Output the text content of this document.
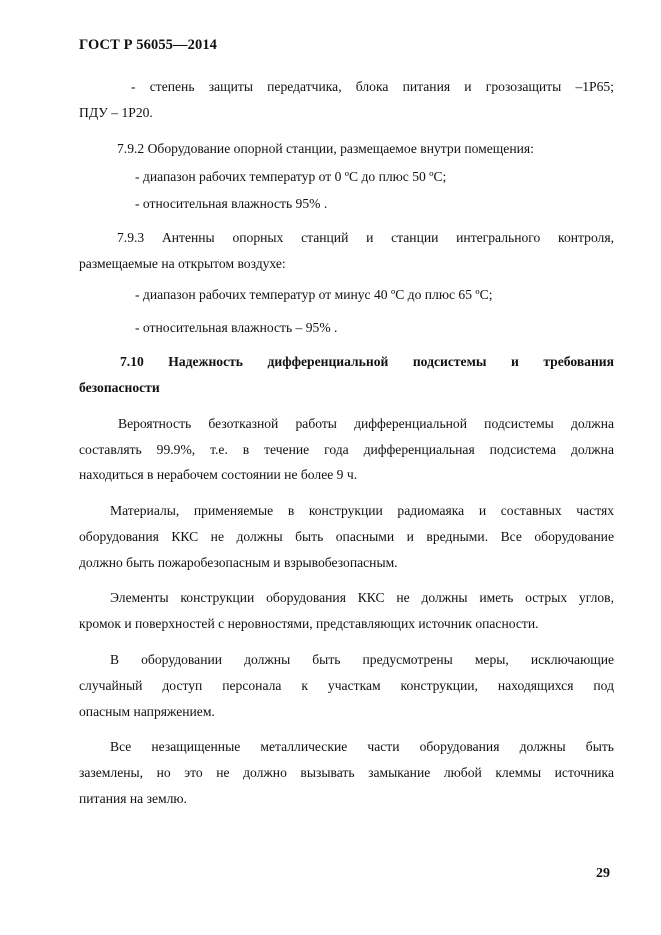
ГОСТ Р 56055—2014
- степень защиты передатчика, блока питания и грозозащиты –1Р65;
ПДУ – 1Р20.
7.9.2 Оборудование опорной станции, размещаемое внутри помещения:
- диапазон рабочих температур от 0 ºС до плюс 50 ºС;
- относительная влажность 95% .
7.9.3 Антенны опорных станций и станции интегрального контроля,
размещаемые на открытом воздухе:
- диапазон рабочих температур от минус 40 ºС до плюс 65 ºС;
- относительная влажность – 95% .
7.10 Надежность дифференциальной подсистемы и требования
безопасности
Вероятность безотказной работы дифференциальной подсистемы должна
составлять 99.9%, т.е. в течение года дифференциальная подсистема должна
находиться в нерабочем состоянии не более 9 ч.
Материалы, применяемые в конструкции радиомаяка и составных частях
оборудования ККС не должны быть опасными и вредными. Все оборудование
должно быть пожаробезопасным и взрывобезопасным.
Элементы конструкции оборудования ККС не должны иметь острых углов,
кромок и поверхностей с неровностями, представляющих источник опасности.
В оборудовании должны быть предусмотрены меры, исключающие
случайный доступ персонала к участкам конструкции, находящихся под
опасным напряжением.
Все незащищенные металлические части оборудования должны быть
заземлены, но это не должно вызывать замыкание любой клеммы источника
питания на землю.
29
